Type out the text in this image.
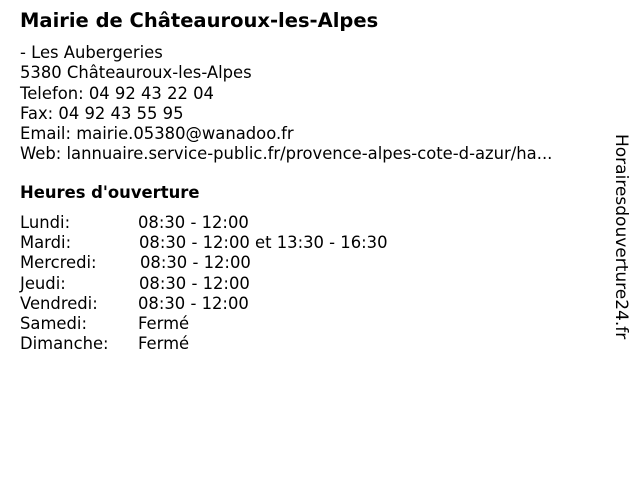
Mairie de Châteauroux-les-Alpes
- Les Aubergeries
5380 Châteauroux-les-Alpes
Telefon: 04 92 43 22 04
Fax: 04 92 43 55 95
Email: mairie.05380@wanadoo.fr
Web: lannuaire.service-public.fr/provence-alpes-cote-d-azur/ha...
Heures d'ouverture
Lundi:	08:30 - 12:00
Mardi:	08:30 - 12:00 et 13:30 - 16:30
Mercredi:	08:30 - 12:00
Jeudi:	08:30 - 12:00
Vendredi: 08:30 - 12:00
Samedi:	Fermé
Dimanche: Fermé
Horairesdouverture24.fr
